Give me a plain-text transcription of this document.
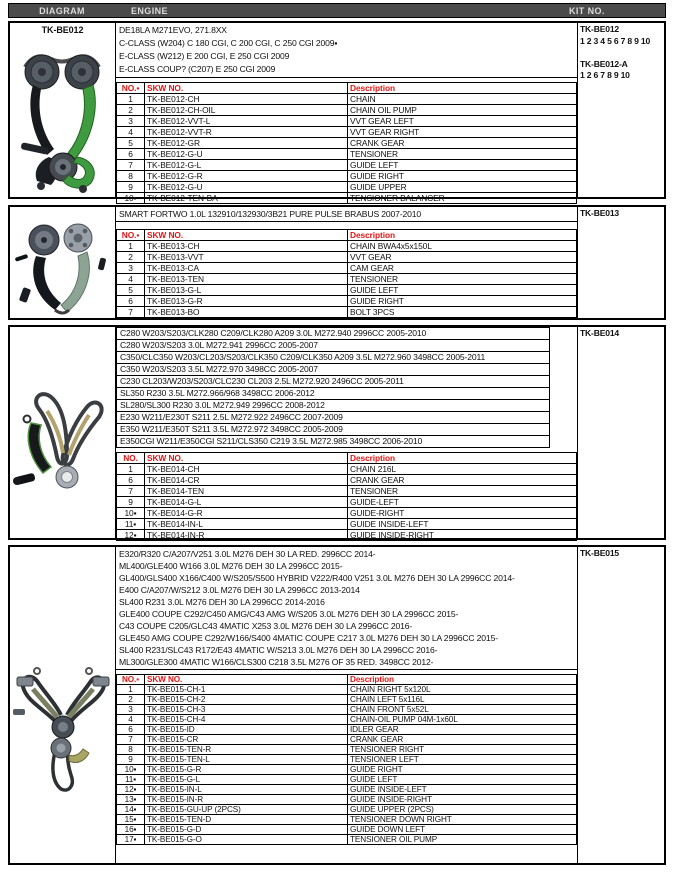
DIAGRAM	ENGINE	KIT NO.
TK-BE012	DE18LA M271EVO, 271.8XX
C-CLASS (W204) C 180 CGI, C 200 CGI, C 250 CGI 2009▪
E-CLASS (W212) E 200 CGI, E 250 CGI 2009
E-CLASS COUP? (C207) E 250 CGI 2009
NO.▪	SKW NO.	Description
1	TK-BE012-CH	CHAIN
2	TK-BE012-CH-OIL	CHAIN OIL PUMP
3	TK-BE012-VVT-L	VVT GEAR LEFT
4	TK-BE012-VVT-R	VVT GEAR RIGHT
5	TK-BE012-GR	CRANK GEAR
6	TK-BE012-G-U	TENSIONER
7	TK-BE012-G-L	GUIDE LEFT
8	TK-BE012-G-R	GUIDE RIGHT
9	TK-BE012-G-U	GUIDE UPPER
10▪	TK-BE012-TEN-BA	TENSIONER BALANCER
TK-BE012
1 2 3 4 5 6 7 8 9 10

TK-BE012-A
1 2 6 7 8 9 10
SMART FORTWO 1.0L 132910/132930/3B21 PURE PULSE BRABUS 2007-2010
NO.▪	SKW NO.	Description
1	TK-BE013-CH	CHAIN BWA4x5x150L
2	TK-BE013-VVT	VVT GEAR
3	TK-BE013-CA	CAM GEAR
4	TK-BE013-TEN	TENSIONER
5	TK-BE013-G-L	GUIDE LEFT
6	TK-BE013-G-R	GUIDE RIGHT
7	TK-BE013-BO	BOLT 3PCS
TK-BE013
C280 W203/S203/CLK280 C209/CLK280 A209 3.0L M272.940 2996CC 2005-2010
C280 W203/S203 3.0L M272.941 2996CC 2005-2007
C350/CLC350 W203/CL203/S203/CLK350 C209/CLK350 A209 3.5L M272.960 3498CC 2005-2011
C350 W203/S203 3.5L M272.970 3498CC 2005-2007
C230 CL203/W203/S203/CLC230 CL203 2.5L M272.920 2496CC 2005-2011
SL350 R230 3.5L M272.966/968 3498CC 2006-2012
SL280/SL300 R230 3.0L M272.949 2996CC 2008-2012
E230 W211/E230T S211 2.5L M272.922 2496CC 2007-2009
E350 W211/E350T S211 3.5L M272.972 3498CC 2005-2009
E350CGI W211/E350CGI S211/CLS350 C219 3.5L M272.985 3498CC 2006-2010
NO.	SKW NO.	Description
1	TK-BE014-CH	CHAIN 216L
6	TK-BE014-CR	CRANK GEAR
7	TK-BE014-TEN	TENSIONER
9	TK-BE014-G-L	GUIDE-LEFT
10▪	TK-BE014-G-R	GUIDE-RIGHT
11▪	TK-BE014-IN-L	GUIDE INSIDE-LEFT
12▪	TK-BE014-IN-R	GUIDE INSIDE-RIGHT
TK-BE014
E320/R320 C/A207/V251 3.0L M276 DEH 30 LA RED. 2996CC 2014-
ML400/GLE400 W166 3.0L M276 DEH 30 LA 2996CC 2015-
GL400/GLS400 X166/C400 W/S205/S500 HYBRID V222/R400 V251 3.0L M276 DEH 30 LA 2996CC 2014-
E400 C/A207/W/S212 3.0L M276 DEH 30 LA 2996CC 2013-2014
SL400 R231 3.0L M276 DEH 30 LA 2996CC 2014-2016
GLE400 COUPE C292/C450 AMG/C43 AMG W/S205 3.0L M276 DEH 30 LA 2996CC 2015-
C43 COUPE C205/GLC43 4MATIC X253 3.0L M276 DEH 30 LA 2996CC 2016-
GLE450 AMG COUPE C292/W166/S400 4MATIC COUPE C217 3.0L M276 DEH 30 LA 2996CC 2015-
SL400 R231/SLC43 R172/E43 4MATIC W/S213 3.0L M276 DEH 30 LA 2996CC 2016-
ML300/GLE300 4MATIC W166/CLS300 C218 3.5L M276 OF 35 RED. 3498CC 2012-
NO.▪	SKW NO.	Description
1	TK-BE015-CH-1	CHAIN RIGHT 5x120L
2	TK-BE015-CH-2	CHAIN LEFT 5x116L
3	TK-BE015-CH-3	CHAIN FRONT 5x52L
4	TK-BE015-CH-4	CHAIN-OIL PUMP 04M-1x60L
6	TK-BE015-ID	IDLER GEAR
7	TK-BE015-CR	CRANK GEAR
8	TK-BE015-TEN-R	TENSIONER RIGHT
9	TK-BE015-TEN-L	TENSIONER LEFT
10▪	TK-BE015-G-R	GUIDE RIGHT
11▪	TK-BE015-G-L	GUIDE LEFT
12▪	TK-BE015-IN-L	GUIDE INSIDE-LEFT
13▪	TK-BE015-IN-R	GUIDE INSIDE-RIGHT
14▪	TK-BE015-GU-UP (2PCS)	GUIDE UPPER (2PCS)
15▪	TK-BE015-TEN-D	TENSIONER DOWN RIGHT
16▪	TK-BE015-G-D	GUIDE DOWN LEFT
17▪	TK-BE015-G-O	TENSIONER OIL PUMP
TK-BE015
